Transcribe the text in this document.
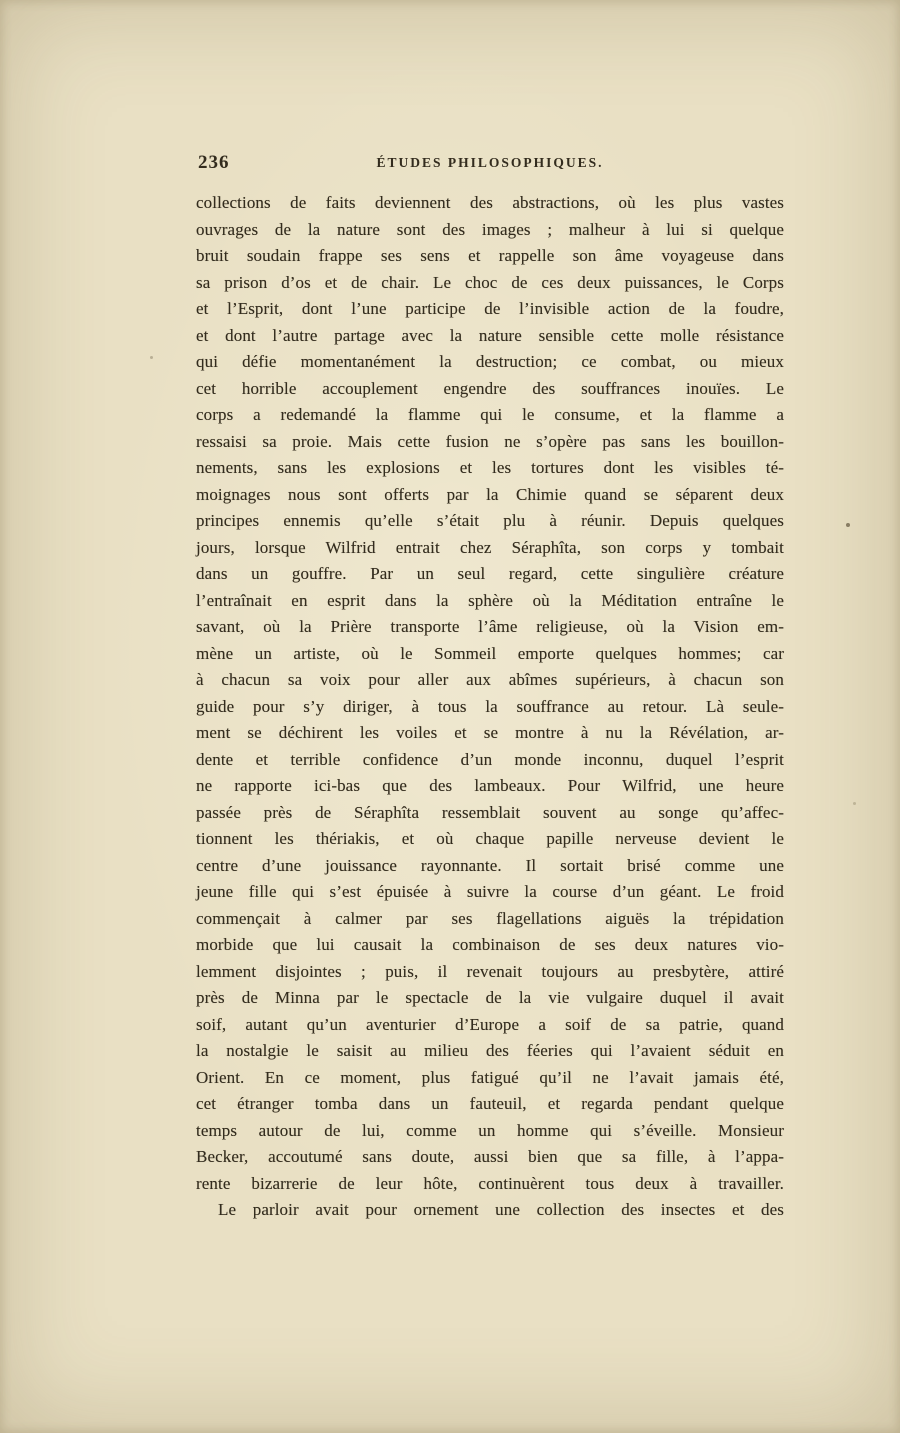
236	ÉTUDES PHILOSOPHIQUES.
collections de faits deviennent des abstractions, où les plus vastes
ouvrages de la nature sont des images ; malheur à lui si quelque
bruit soudain frappe ses sens et rappelle son âme voyageuse dans
sa prison d’os et de chair. Le choc de ces deux puissances, le Corps
et l’Esprit, dont l’une participe de l’invisible action de la foudre,
et dont l’autre partage avec la nature sensible cette molle résistance
qui défie momentanément la destruction; ce combat, ou mieux
cet horrible accouplement engendre des souffrances inouïes. Le
corps a redemandé la flamme qui le consume, et la flamme a
ressaisi sa proie. Mais cette fusion ne s’opère pas sans les bouillon-
nements, sans les explosions et les tortures dont les visibles té-
moignages nous sont offerts par la Chimie quand se séparent deux
principes ennemis qu’elle s’était plu à réunir. Depuis quelques
jours, lorsque Wilfrid entrait chez Séraphîta, son corps y tombait
dans un gouffre. Par un seul regard, cette singulière créature
l’entraînait en esprit dans la sphère où la Méditation entraîne le
savant, où la Prière transporte l’âme religieuse, où la Vision em-
mène un artiste, où le Sommeil emporte quelques hommes; car
à chacun sa voix pour aller aux abîmes supérieurs, à chacun son
guide pour s’y diriger, à tous la souffrance au retour. Là seule-
ment se déchirent les voiles et se montre à nu la Révélation, ar-
dente et terrible confidence d’un monde inconnu, duquel l’esprit
ne rapporte ici-bas que des lambeaux. Pour Wilfrid, une heure
passée près de Séraphîta ressemblait souvent au songe qu’affec-
tionnent les thériakis, et où chaque papille nerveuse devient le
centre d’une jouissance rayonnante. Il sortait brisé comme une
jeune fille qui s’est épuisée à suivre la course d’un géant. Le froid
commençait à calmer par ses flagellations aiguës la trépidation
morbide que lui causait la combinaison de ses deux natures vio-
lemment disjointes ; puis, il revenait toujours au presbytère, attiré
près de Minna par le spectacle de la vie vulgaire duquel il avait
soif, autant qu’un aventurier d’Europe a soif de sa patrie, quand
la nostalgie le saisit au milieu des féeries qui l’avaient séduit en
Orient. En ce moment, plus fatigué qu’il ne l’avait jamais été,
cet étranger tomba dans un fauteuil, et regarda pendant quelque
temps autour de lui, comme un homme qui s’éveille. Monsieur
Becker, accoutumé sans doute, aussi bien que sa fille, à l’appa-
rente bizarrerie de leur hôte, continuèrent tous deux à travailler.
Le parloir avait pour ornement une collection des insectes et des
